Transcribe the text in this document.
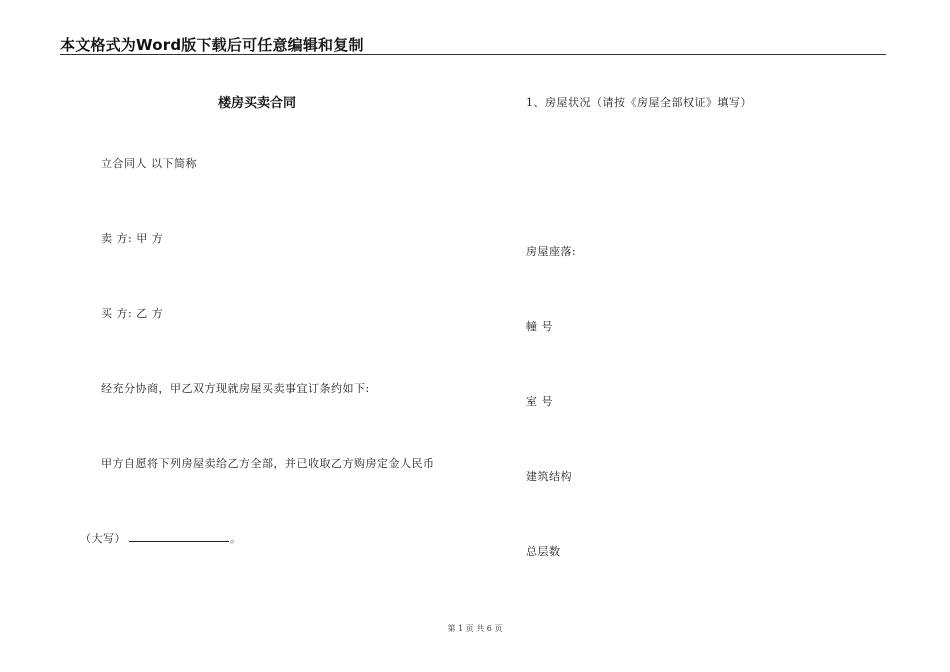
本文格式为Word版下载后可任意编辑和复制
楼房买卖合同
立合同人 以下简称
卖 方: 甲 方
买 方: 乙 方
经充分协商，甲乙双方现就房屋买卖事宜订条约如下:
甲方自愿将下列房屋卖给乙方全部，并已收取乙方购房定金人民币
（大写）	。
1、房屋状况（请按《房屋全部权证》填写）
房屋座落:
幢 号
室 号
建筑结构
总层数
第 1 页 共 6 页
